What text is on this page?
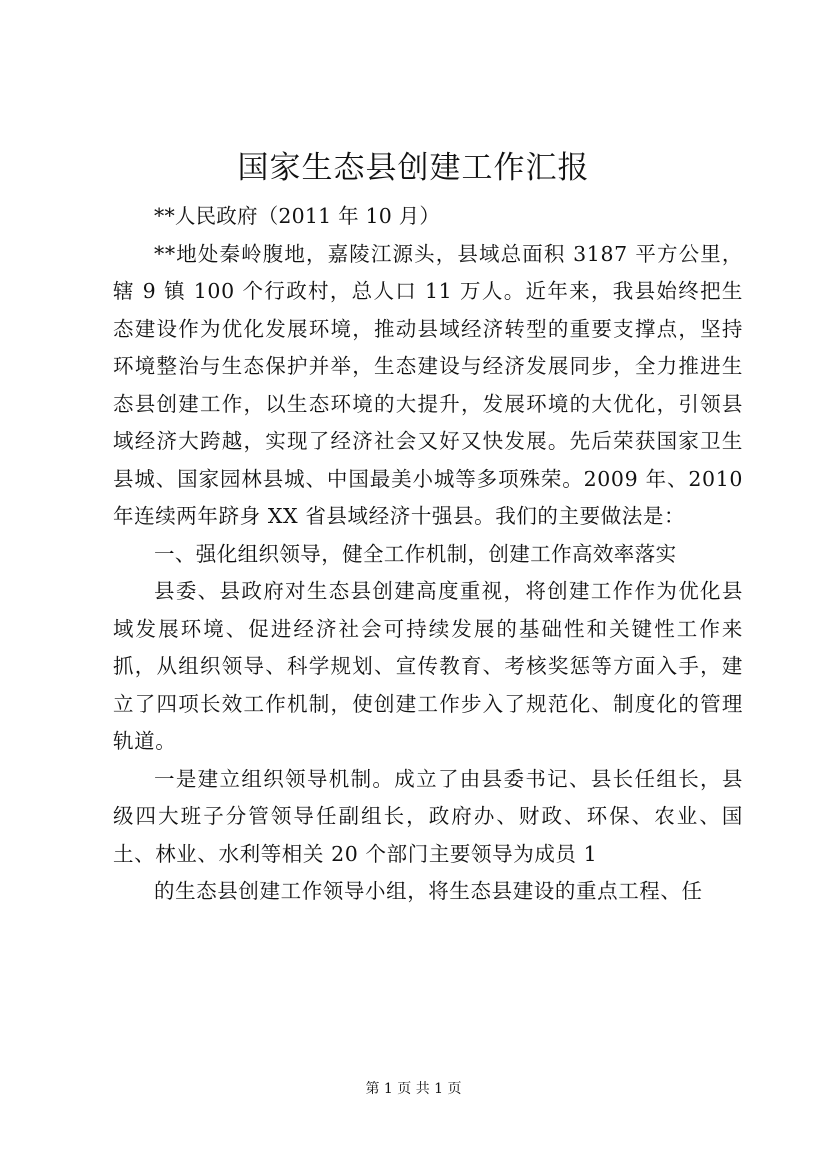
国家生态县创建工作汇报

**人民政府（2011 年 10 月）

**地处秦岭腹地，嘉陵江源头，县域总面积 3187 平方公里，辖 9 镇 100 个行政村，总人口 11 万人。近年来，我县始终把生态建设作为优化发展环境，推动县域经济转型的重要支撑点，坚持环境整治与生态保护并举，生态建设与经济发展同步，全力推进生态县创建工作，以生态环境的大提升，发展环境的大优化，引领县域经济大跨越，实现了经济社会又好又快发展。先后荣获国家卫生县城、国家园林县城、中国最美小城等多项殊荣。2009 年、2010 年连续两年跻身 XX 省县域经济十强县。我们的主要做法是：

一、强化组织领导，健全工作机制，创建工作高效率落实

县委、县政府对生态县创建高度重视，将创建工作作为优化县域发展环境、促进经济社会可持续发展的基础性和关键性工作来抓，从组织领导、科学规划、宣传教育、考核奖惩等方面入手，建立了四项长效工作机制，使创建工作步入了规范化、制度化的管理轨道。

一是建立组织领导机制。成立了由县委书记、县长任组长，县级四大班子分管领导任副组长，政府办、财政、环保、农业、国土、林业、水利等相关 20 个部门主要领导为成员 1

的生态县创建工作领导小组，将生态县建设的重点工程、任

第 1 页 共 1 页
